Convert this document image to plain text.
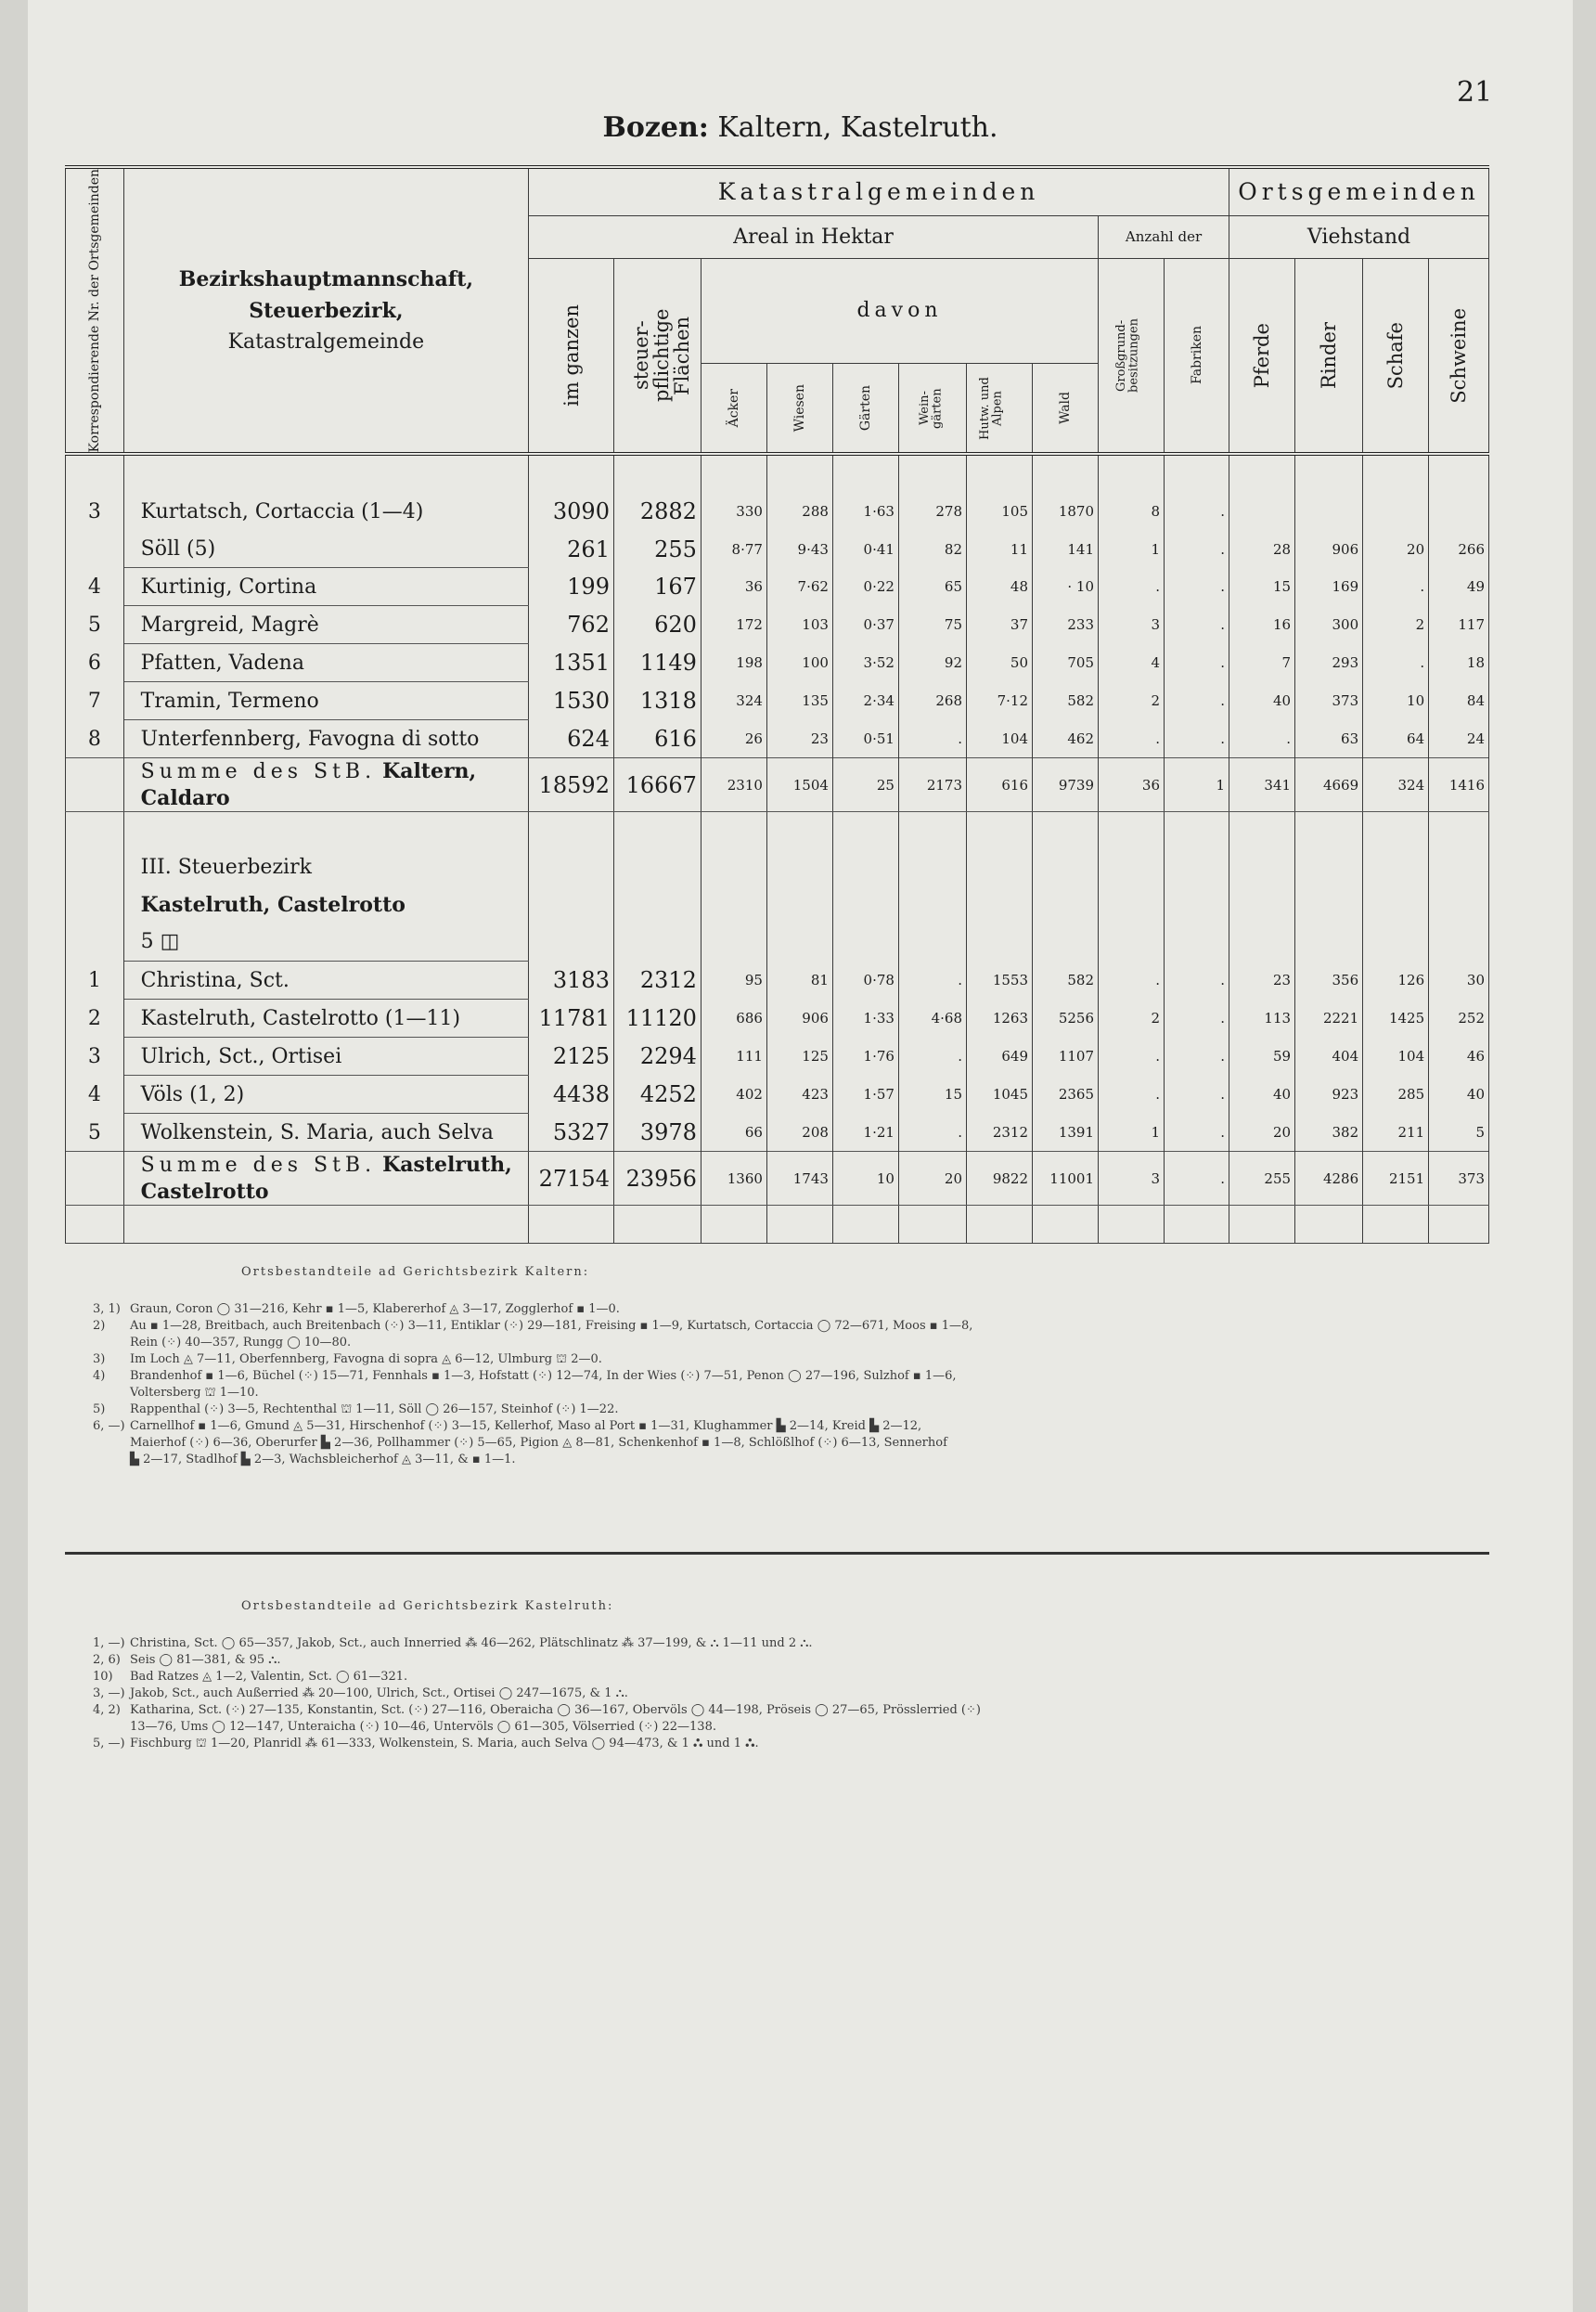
21
Bozen: Kaltern, Kastelruth.
Korrespondierende Nr. der Ortsgemeinden	Bezirkshauptmannschaft,
Steuerbezirk,
Katastralgemeinde	Katastralgemeinden										Ortsgemeinden			
		Areal in Hektar								Anzahl der		Viehstand			

		im ganzen	steuer-pflichtige Flächen	davon						Großgrund-besitzungen	Fabriken	Pferde	Rinder	Schafe	Schweine

				Äcker	Wiesen	Gärten	Wein-gärten	Hutw. und Alpen	Wald						

3	Kurtatsch, Cortaccia (1—4)	3090	2882	330	288	1·63	278	105	1870	8	.				
	Söll (5)	261	255	8·77	9·43	0·41	82	11	141	1	.	28	906	20	266
4	Kurtinig, Cortina	199	167	36	7·62	0·22	65	48	· 10	.	.	15	169	.	49
5	Margreid, Magrè	762	620	172	103	0·37	75	37	233	3	.	16	300	2	117
6	Pfatten, Vadena	1351	1149	198	100	3·52	92	50	705	4	.	7	293	.	18
7	Tramin, Termeno	1530	1318	324	135	2·34	268	7·12	582	2	.	40	373	10	84
8	Unterfennberg, Favogna di sotto	624	616	26	23	0·51	.	104	462	.	.	.	63	64	24

	Summe des StB. Kaltern,
Caldaro	18592	16667	2310	1504	25	2173	616	9739	36	1	341	4669	324	1416

	III. Steuerbezirk
Kastelruth, Castelrotto
5 ◫														

1	Christina, Sct.	3183	2312	95	81	0·78	.	1553	582	.	.	23	356	126	30
2	Kastelruth, Castelrotto (1—11)	11781	11120	686	906	1·33	4·68	1263	5256	2	.	113	2221	1425	252
3	Ulrich, Sct., Ortisei	2125	2294	111	125	1·76	.	649	1107	.	.	59	404	104	46
4	Völs (1, 2)	4438	4252	402	423	1·57	15	1045	2365	.	.	40	923	285	40
5	Wolkenstein, S. Maria, auch Selva	5327	3978	66	208	1·21	.	2312	1391	1	.	20	382	211	5

	Summe des StB. Kastelruth,
Castelrotto	27154	23956	1360	1743	10	20	9822	11001	3	.	255	4286	2151	373

Ortsbestandteile ad Gerichtsbezirk Kaltern:
3, 1) Graun, Coron ◯ 31—216, Kehr ▪ 1—5, Klabererhof ◬ 3—17, Zogglerhof ▪ 1—0.
2) Au ▪ 1—28, Breitbach, auch Breitenbach (⁘) 3—11, Entiklar (⁘) 29—181, Freising ▪ 1—9, Kurtatsch, Cortaccia ◯ 72—671, Moos ▪ 1—8,
Rein (⁘) 40—357, Rungg ◯ 10—80.
3) Im Loch ◬ 7—11, Oberfennberg, Favogna di sopra ◬ 6—12, Ulmburg ⛫ 2—0.
4) Brandenhof ▪ 1—6, Büchel (⁘) 15—71, Fennhals ▪ 1—3, Hofstatt (⁘) 12—74, In der Wies (⁘) 7—51, Penon ◯ 27—196, Sulzhof ▪ 1—6,
Voltersberg ⛫ 1—10.
5) Rappenthal (⁘) 3—5, Rechtenthal ⛫ 1—11, Söll ◯ 26—157, Steinhof (⁘) 1—22.
6, —) Carnellhof ▪ 1—6, Gmund ◬ 5—31, Hirschenhof (⁘) 3—15, Kellerhof, Maso al Port ▪ 1—31, Klughammer ▙ 2—14, Kreid ▙ 2—12,
Maierhof (⁘) 6—36, Oberurfer ▙ 2—36, Pollhammer (⁘) 5—65, Pigion ◬ 8—81, Schenkenhof ▪ 1—8, Schlößlhof (⁘) 6—13, Sennerhof
▙ 2—17, Stadlhof ▙ 2—3, Wachsbleicherhof ◬ 3—11, & ▪ 1—1.
Ortsbestandteile ad Gerichtsbezirk Kastelruth:
1, —) Christina, Sct. ◯ 65—357, Jakob, Sct., auch Innerried ⁂ 46—262, Plätschlinatz ⁂ 37—199, & ⛬ 1—11 und 2 ⛬.
2, 6) Seis ◯ 81—381, & 95 ⛬.
10) Bad Ratzes ◬ 1—2, Valentin, Sct. ◯ 61—321.
3, —) Jakob, Sct., auch Außerried ⁂ 20—100, Ulrich, Sct., Ortisei ◯ 247—1675, & 1 ⛬.
4, 2) Katharina, Sct. (⁘) 27—135, Konstantin, Sct. (⁘) 27—116, Oberaicha ◯ 36—167, Obervöls ◯ 44—198, Pröseis ◯ 27—65, Prösslerried (⁘)
13—76, Ums ◯ 12—147, Unteraicha (⁘) 10—46, Untervöls ◯ 61—305, Völserried (⁘) 22—138.
5, —) Fischburg ⛫ 1—20, Planridl ⁂ 61—333, Wolkenstein, S. Maria, auch Selva ◯ 94—473, & 1 ⛬ und 1 ⛬.
